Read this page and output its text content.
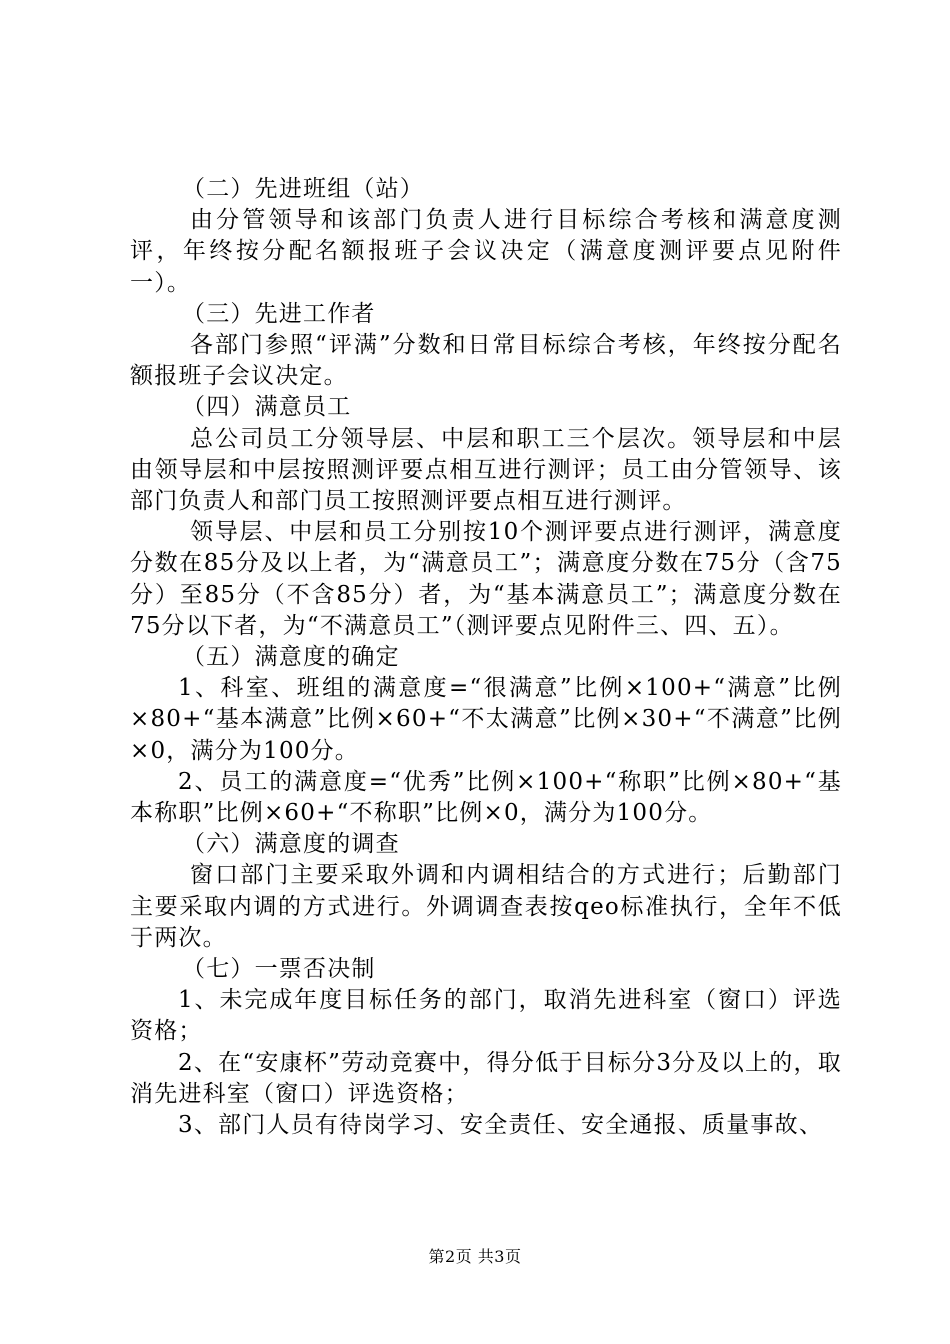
（二）先进班组（站）

由分管领导和该部门负责人进行目标综合考核和满意度测评，年终按分配名额报班子会议决定（满意度测评要点见附件一）。

（三）先进工作者

各部门参照“评满”分数和日常目标综合考核，年终按分配名额报班子会议决定。

（四）满意员工

总公司员工分领导层、中层和职工三个层次。领导层和中层由领导层和中层按照测评要点相互进行测评；员工由分管领导、该部门负责人和部门员工按照测评要点相互进行测评。

领导层、中层和员工分别按10个测评要点进行测评，满意度分数在85分及以上者，为“满意员工”；满意度分数在75分（含75分）至85分（不含85分）者，为“基本满意员工”；满意度分数在75分以下者，为“不满意员工”（测评要点见附件三、四、五）。

（五）满意度的确定

1、科室、班组的满意度=“很满意”比例×100+“满意”比例×80+“基本满意”比例×60+“不太满意”比例×30+“不满意”比例×0，满分为100分。

2、员工的满意度=“优秀”比例×100+“称职”比例×80+“基本称职”比例×60+“不称职”比例×0，满分为100分。

（六）满意度的调查

窗口部门主要采取外调和内调相结合的方式进行；后勤部门主要采取内调的方式进行。外调调查表按qeo标准执行，全年不低于两次。

（七）一票否决制

1、未完成年度目标任务的部门，取消先进科室（窗口）评选资格；

2、在“安康杯”劳动竞赛中，得分低于目标分3分及以上的，取消先进科室（窗口）评选资格；

3、部门人员有待岗学习、安全责任、安全通报、质量事故、

第2页 共3页
